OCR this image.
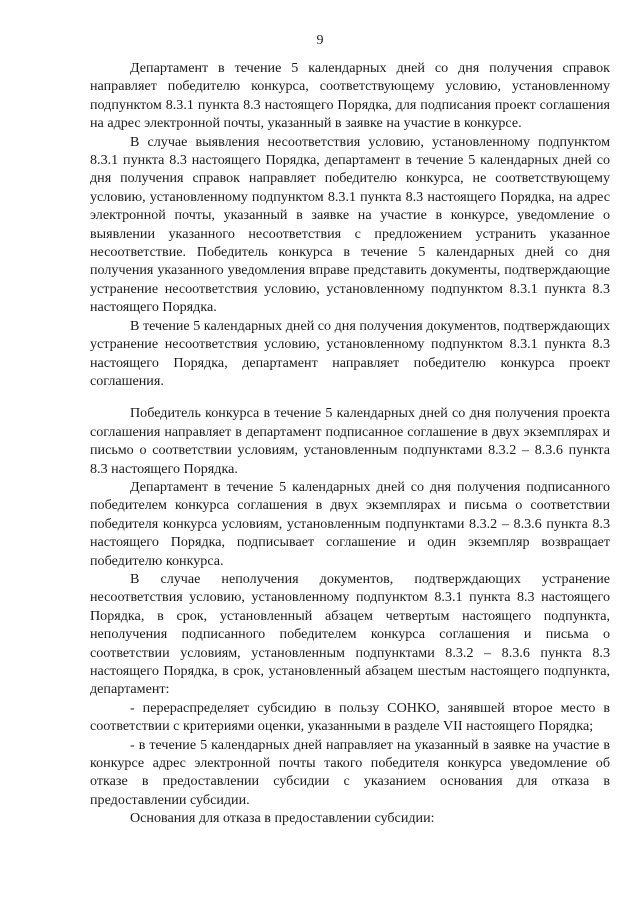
9

Департамент в течение 5 календарных дней со дня получения справок направляет победителю конкурса, соответствующему условию, установленному подпунктом 8.3.1 пункта 8.3 настоящего Порядка, для подписания проект соглашения на адрес электронной почты, указанный в заявке на участие в конкурсе.

В случае выявления несоответствия условию, установленному подпунктом 8.3.1 пункта 8.3 настоящего Порядка, департамент в течение 5 календарных дней со дня получения справок направляет победителю конкурса, не соответствующему условию, установленному подпунктом 8.3.1 пункта 8.3 настоящего Порядка, на адрес электронной почты, указанный в заявке на участие в конкурсе, уведомление о выявлении указанного несоответствия с предложением устранить указанное несоответствие. Победитель конкурса в течение 5 календарных дней со дня получения указанного уведомления вправе представить документы, подтверждающие устранение несоответствия условию, установленному подпунктом 8.3.1 пункта 8.3 настоящего Порядка.

В течение 5 календарных дней со дня получения документов, подтверждающих устранение несоответствия условию, установленному подпунктом 8.3.1 пункта 8.3 настоящего Порядка, департамент направляет победителю конкурса проект соглашения.

Победитель конкурса в течение 5 календарных дней со дня получения проекта соглашения направляет в департамент подписанное соглашение в двух экземплярах и письмо о соответствии условиям, установленным подпунктами 8.3.2 – 8.3.6 пункта 8.3 настоящего Порядка.

Департамент в течение 5 календарных дней со дня получения подписанного победителем конкурса соглашения в двух экземплярах и письма о соответствии победителя конкурса условиям, установленным подпунктами 8.3.2 – 8.3.6 пункта 8.3 настоящего Порядка, подписывает соглашение и один экземпляр возвращает победителю конкурса.

В случае неполучения документов, подтверждающих устранение несоответствия условию, установленному подпунктом 8.3.1 пункта 8.3 настоящего Порядка, в срок, установленный абзацем четвертым настоящего подпункта, неполучения подписанного победителем конкурса соглашения и письма о соответствии условиям, установленным подпунктами 8.3.2 – 8.3.6 пункта 8.3 настоящего Порядка, в срок, установленный абзацем шестым настоящего подпункта, департамент:

- перераспределяет субсидию в пользу СОНКО, занявшей второе место в соответствии с критериями оценки, указанными в разделе VII настоящего Порядка;

- в течение 5 календарных дней направляет на указанный в заявке на участие в конкурсе адрес электронной почты такого победителя конкурса уведомление об отказе в предоставлении субсидии с указанием основания для отказа в предоставлении субсидии.

Основания для отказа в предоставлении субсидии:
